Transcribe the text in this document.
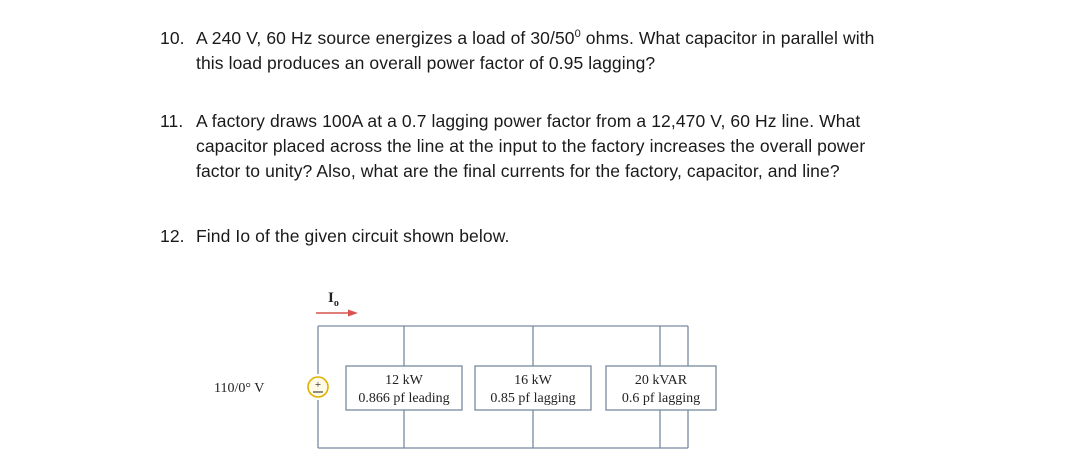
10. A 240 V, 60 Hz source energizes a load of $30/50^0$ ohms. What capacitor in parallel with
this load produces an overall power factor of 0.95 lagging?
11. A factory draws 100A at a 0.7 lagging power factor from a 12,470 V, 60 Hz line. What
capacitor placed across the line at the input to the factory increases the overall power
factor to unity? Also, what are the final currents for the factory, capacitor, and line?
12. Find Io of the given circuit shown below.
$I_o$
+
110/0° V
12 kW
0.866 pf leading
16 kW
0.85 pf lagging
20 kVAR
0.6 pf lagging
